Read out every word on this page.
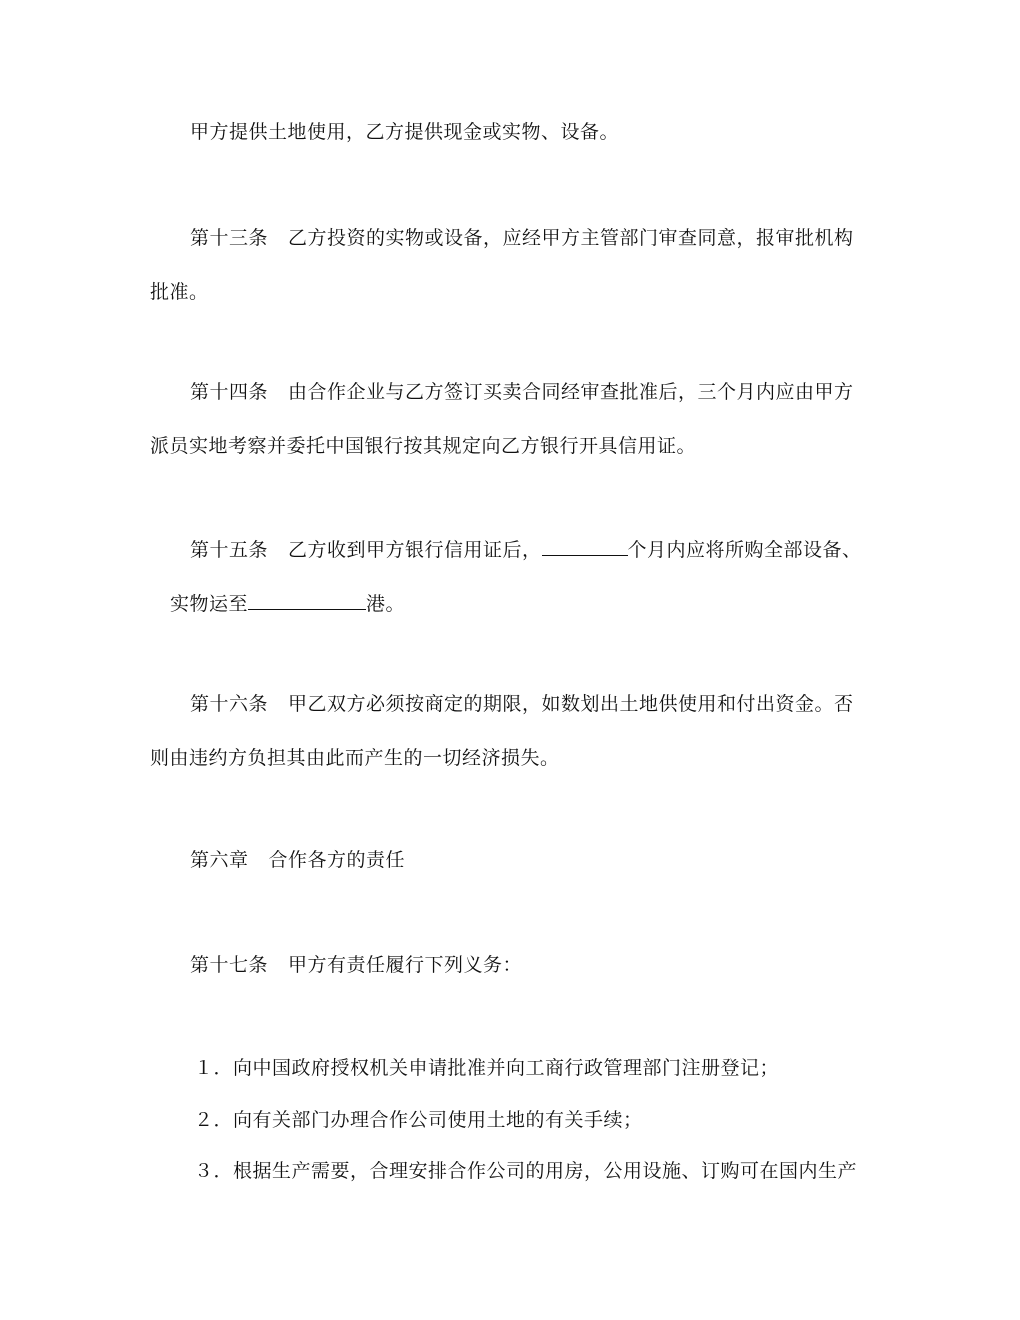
甲方提供土地使用，乙方提供现金或实物、设备。
第十三条 乙方投资的实物或设备，应经甲方主管部门审查同意，报审批机构
批准。
第十四条 由合作企业与乙方签订买卖合同经审查批准后，三个月内应由甲方
派员实地考察并委托中国银行按其规定向乙方银行开具信用证。
第十五条 乙方收到甲方银行信用证后，	个月内应将所购全部设备、
实物运至	港。
第十六条 甲乙双方必须按商定的期限，如数划出土地供使用和付出资金。否
则由违约方负担其由此而产生的一切经济损失。
第六章 合作各方的责任
第十七条 甲方有责任履行下列义务：
１．向中国政府授权机关申请批准并向工商行政管理部门注册登记；
２．向有关部门办理合作公司使用土地的有关手续；
３．根据生产需要，合理安排合作公司的用房，公用设施、订购可在国内生产
